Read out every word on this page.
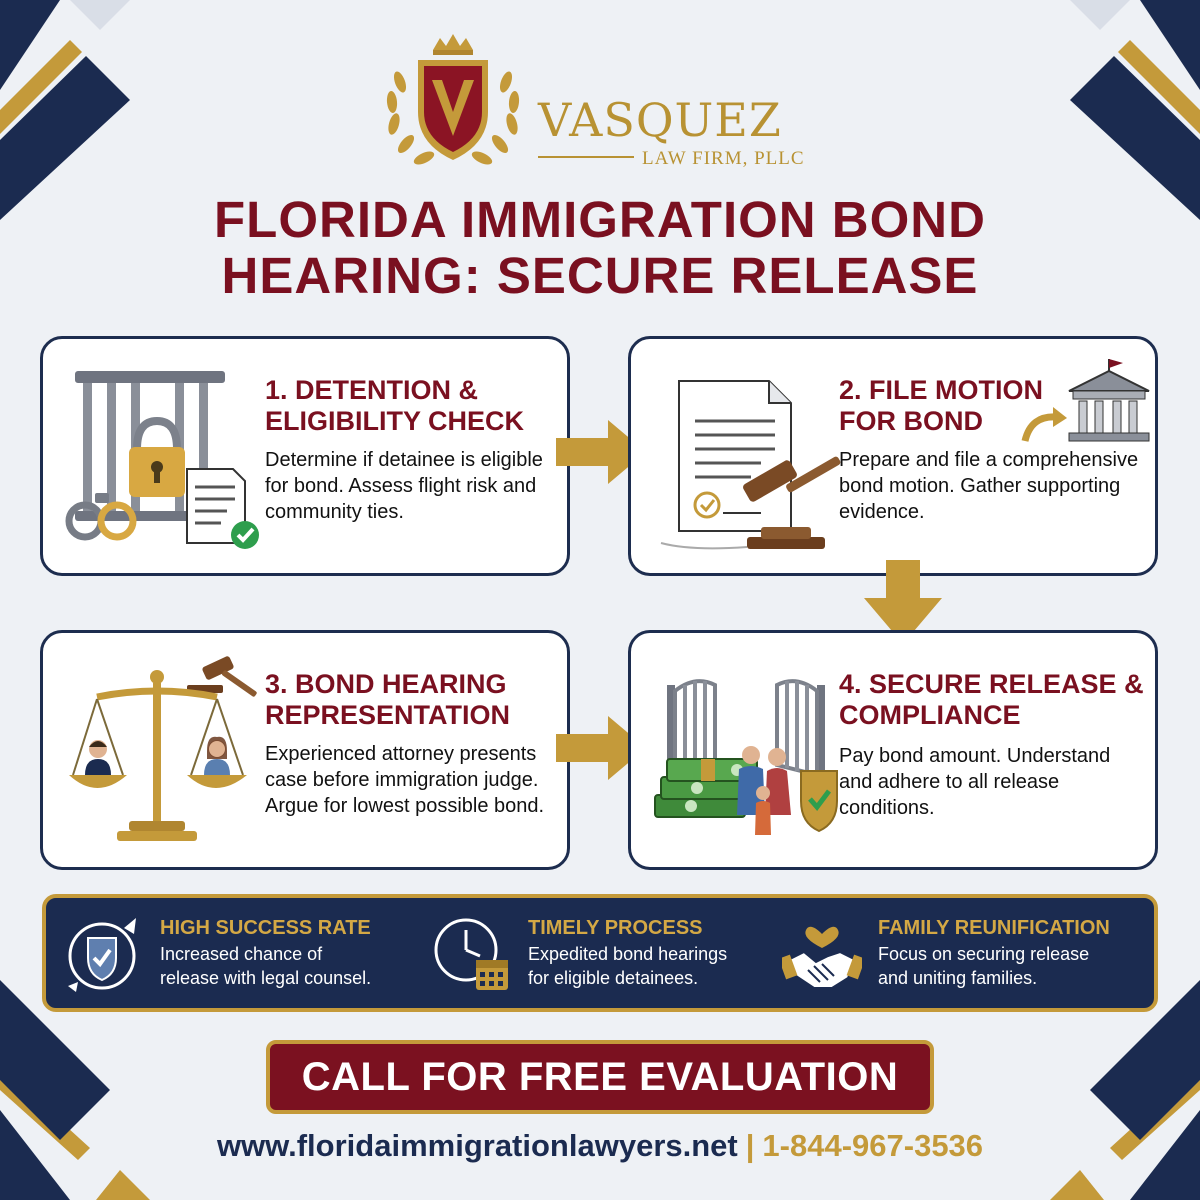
VASQUEZ
LAW FIRM, PLLC
FLORIDA IMMIGRATION BOND
HEARING: SECURE RELEASE
1. DETENTION & ELIGIBILITY CHECK
Determine if detainee is eligible for bond. Assess flight risk and community ties.
2. FILE MOTION FOR BOND
Prepare and file a comprehensive bond motion. Gather supporting evidence.
3. BOND HEARING REPRESENTATION
Experienced attorney presents case before immigration judge. Argue for lowest possible bond.
4. SECURE RELEASE & COMPLIANCE
Pay bond amount. Understand and adhere to all release conditions.
HIGH SUCCESS RATE
Increased chance of
release with legal counsel.
TIMELY PROCESS
Expedited bond hearings
for eligible detainees.
FAMILY REUNIFICATION
Focus on securing release
and uniting families.
CALL FOR FREE EVALUATION
www.floridaimmigrationlawyers.net | 1-844-967-3536
